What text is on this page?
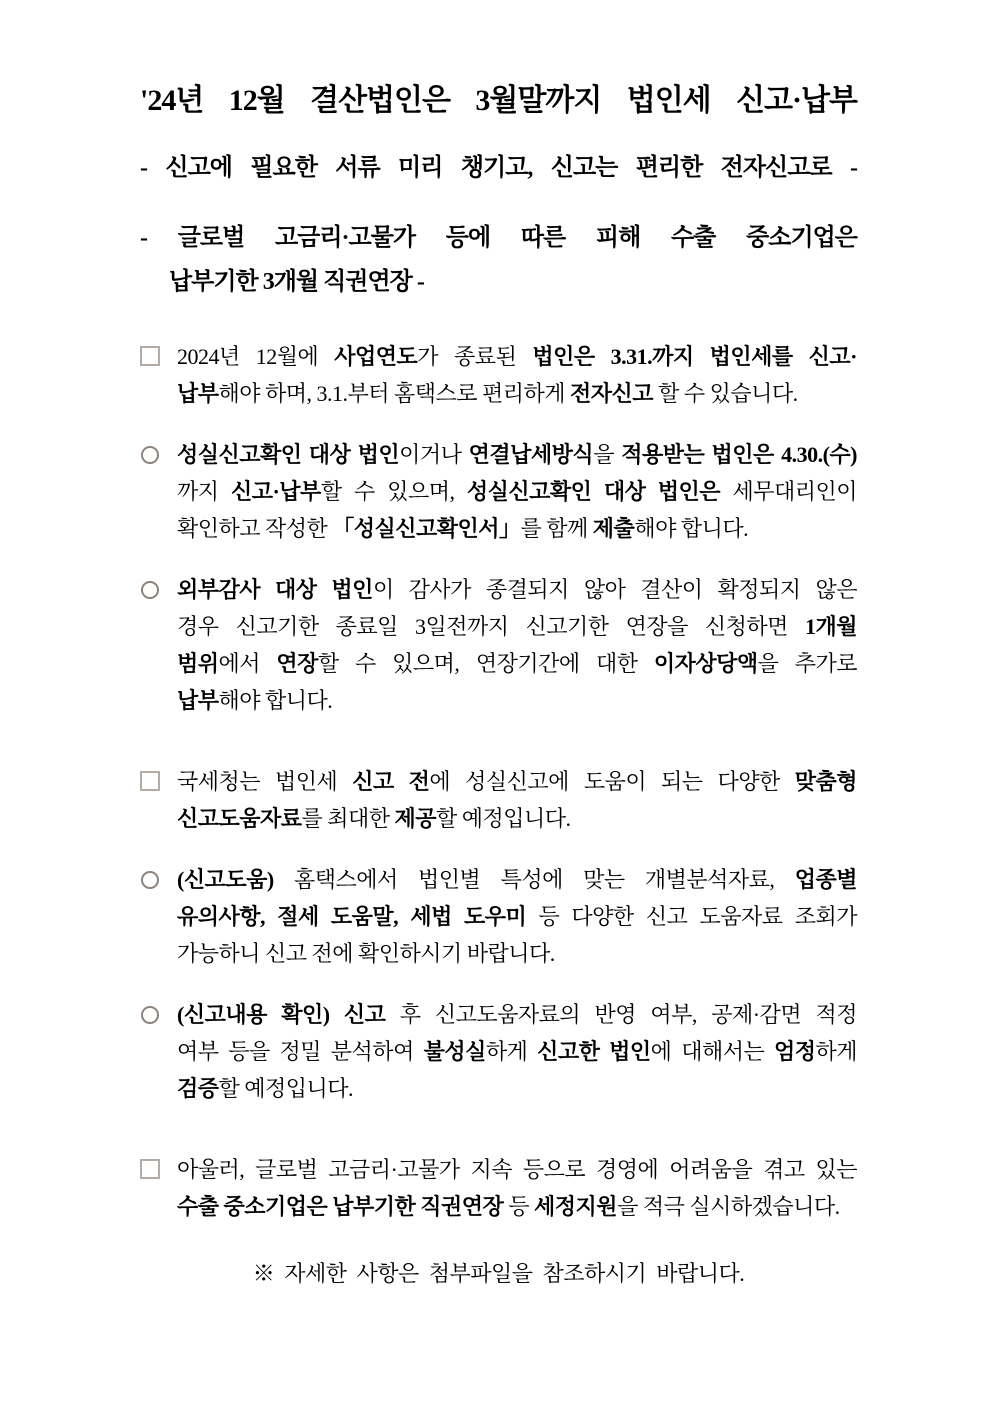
'24년 12월 결산법인은 3월말까지 법인세 신고·납부

- 신고에 필요한 서류 미리 챙기고, 신고는 편리한 전자신고로 -

- 글로벌 고금리·고물가 등에 따른 피해 수출 중소기업은
납부기한 3개월 직권연장 -

2024년 12월에 사업연도가 종료된 법인은 3.31.까지 법인세를 신고·
납부해야 하며, 3.1.부터 홈택스로 편리하게 전자신고 할 수 있습니다.
성실신고확인 대상 법인이거나 연결납세방식을 적용받는 법인은 4.30.(수)
까지 신고·납부할 수 있으며, 성실신고확인 대상 법인은 세무대리인이
확인하고 작성한 「성실신고확인서」를 함께 제출해야 합니다.
외부감사 대상 법인이 감사가 종결되지 않아 결산이 확정되지 않은
경우 신고기한 종료일 3일전까지 신고기한 연장을 신청하면 1개월
범위에서 연장할 수 있으며, 연장기간에 대한 이자상당액을 추가로
납부해야 합니다.
국세청는 법인세 신고 전에 성실신고에 도움이 되는 다양한 맞춤형
신고도움자료를 최대한 제공할 예정입니다.
(신고도움) 홈택스에서 법인별 특성에 맞는 개별분석자료, 업종별
유의사항, 절세 도움말, 세법 도우미 등 다양한 신고 도움자료 조회가
가능하니 신고 전에 확인하시기 바랍니다.
(신고내용 확인) 신고 후 신고도움자료의 반영 여부, 공제·감면 적정
여부 등을 정밀 분석하여 불성실하게 신고한 법인에 대해서는 엄정하게
검증할 예정입니다.
아울러, 글로벌 고금리·고물가 지속 등으로 경영에 어려움을 겪고 있는
수출 중소기업은 납부기한 직권연장 등 세정지원을 적극 실시하겠습니다.

※ 자세한 사항은 첨부파일을 참조하시기 바랍니다.
